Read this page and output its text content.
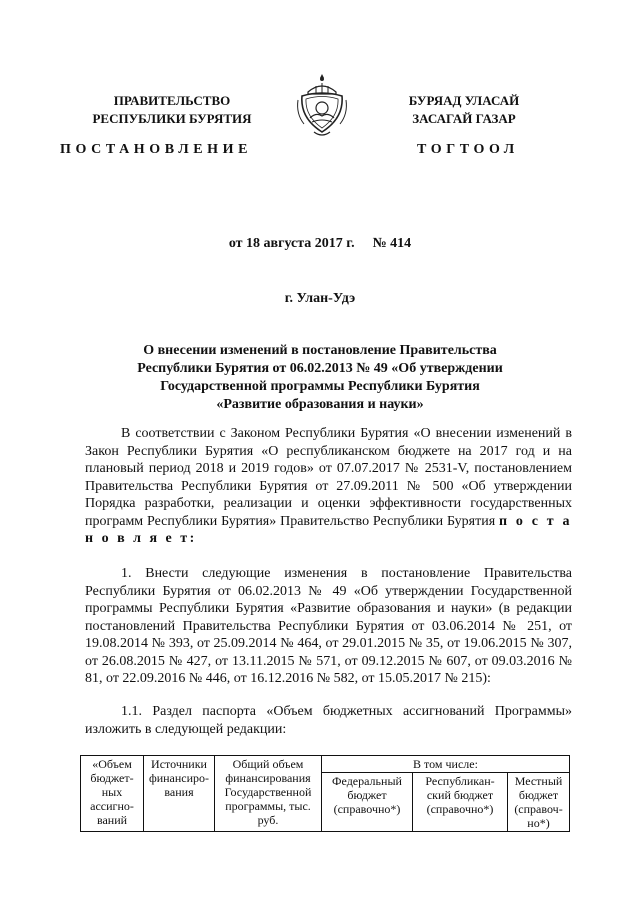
ПРАВИТЕЛЬСТВО
РЕСПУБЛИКИ БУРЯТИЯ
БУРЯАД УЛАСАЙ
ЗАСАГАЙ ГАЗАР
ПОСТАНОВЛЕНИЕ	ТОГТООЛ
от 18 августа 2017 г. № 414
г. Улан-Удэ
О внесении изменений в постановление Правительства
Республики Бурятия от 06.02.2013 № 49 «Об утверждении
Государственной программы Республики Бурятия
«Развитие образования и науки»

В соответствии с Законом Республики Бурятия «О внесении изменений в Закон Республики Бурятия «О республиканском бюджете на 2017 год и на плановый период 2018 и 2019 годов» от 07.07.2017 № 2531-V, постановлением Правительства Республики Бурятия от 27.09.2011 № 500 «Об утверждении Порядка разработки, реализации и оценки эффективности государственных программ Республики Бурятия» Правительство Республики Бурятия п о с т а н о в л я е т:

1. Внести следующие изменения в постановление Правительства Республики Бурятия от 06.02.2013 № 49 «Об утверждении Государственной программы Республики Бурятия «Развитие образования и науки» (в редакции постановлений Правительства Республики Бурятия от 03.06.2014 № 251, от 19.08.2014 № 393, от 25.09.2014 № 464, от 29.01.2015 № 35, от 19.06.2015 № 307, от 26.08.2015 № 427, от 13.11.2015 № 571, от 09.12.2015 № 607, от 09.03.2016 № 81, от 22.09.2016 № 446, от 16.12.2016 № 582, от 15.05.2017 № 215):

1.1. Раздел паспорта «Объем бюджетных ассигнований Программы» изложить в следующей редакции:

«Объем бюджет-ных ассигно-ваний	Источники финансиро-вания	Общий объем финансирования Государственной программы, тыс. руб.	В том числе:		
			Федеральный бюджет (справочно*)	Республикан-ский бюджет (справочно*)	Местный бюджет (справоч-но*)
